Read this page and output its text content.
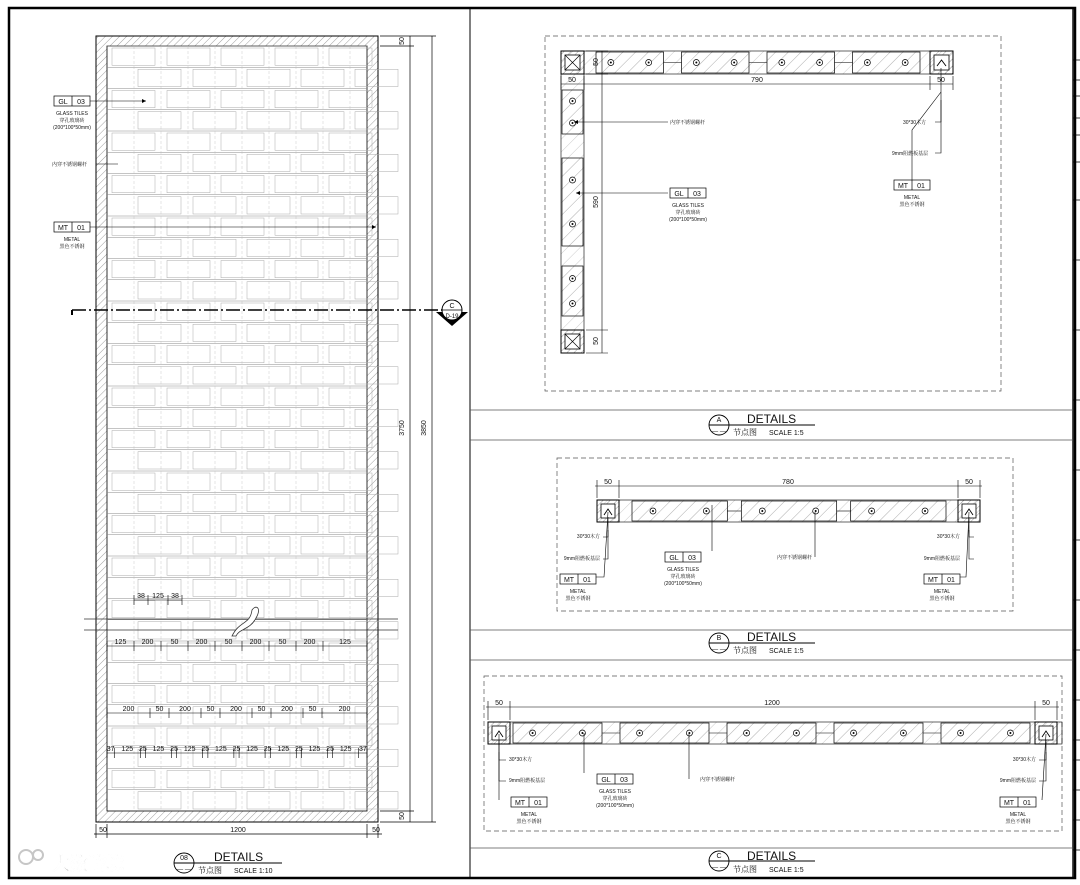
C
D-19
50
3750 3850
50
50	1200	50
38 125 38
125 200 50 200 50 200 50 200	125
200	50 200 50 200 50 200 50	200
37 125 25 125 25 125 25 125 25 125 25 125 25 125 25 125 37
GL 03
GLASS TILES
穿孔玻璃砖
(200*100*50mm)
内穿不锈钢螺杆
MT 01
METAL
黑色不锈钢
50	790	50
50
590
50
内穿不锈钢螺杆	30*30木方
9mm阻燃板基层
GL 03
GLASS TILES
穿孔玻璃砖
(200*100*50mm)
MT 01
METAL
黑色不锈钢
50	780	50
30*30木方
9mm阻燃板基层
30*30木方
9mm阻燃板基层
内穿不锈钢螺杆
GL 03
GLASS TILES
穿孔玻璃砖
(200*100*50mm)
MT 01
METAL
黑色不锈钢
MT 01
METAL
黑色不锈钢
50	1200	50
30*30木方
9mm阻燃板基层
30*30木方
9mm阻燃板基层
内穿不锈钢螺杆
GL 03
GLASS TILES
穿孔玻璃砖
(200*100*50mm)
MT 01
METAL
黑色不锈钢
MT 01
METAL
黑色不锈钢
08
— —
DETAILS
节点图 SCALE 1:10
A
— —
DETAILS
节点图 SCALE 1:5
B
— —
DETAILS
节点图 SCALE 1:5
C
— —
DETAILS
节点图 SCALE 1:5
大数暗境
